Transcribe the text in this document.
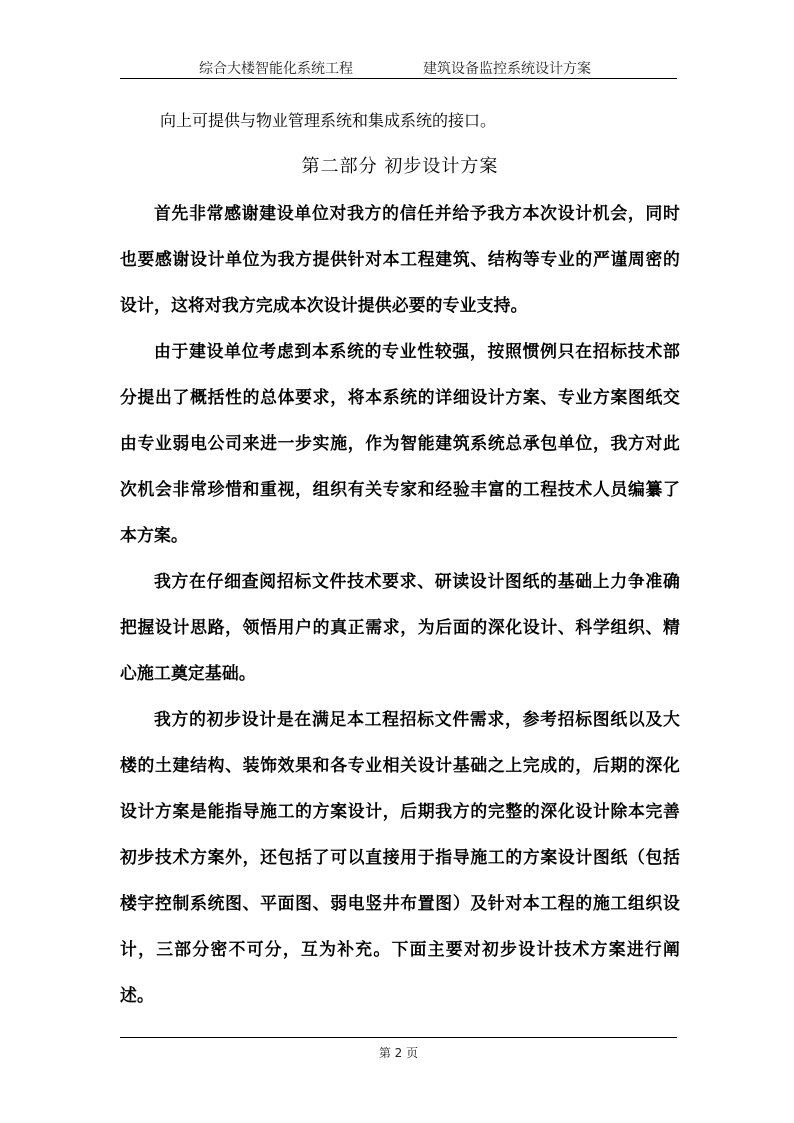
综合大楼智能化系统工程	建筑设备监控系统设计方案

向上可提供与物业管理系统和集成系统的接口。

第二部分 初步设计方案

首先非常感谢建设单位对我方的信任并给予我方本次设计机会，同时也要感谢设计单位为我方提供针对本工程建筑、结构等专业的严谨周密的设计，这将对我方完成本次设计提供必要的专业支持。

由于建设单位考虑到本系统的专业性较强，按照惯例只在招标技术部分提出了概括性的总体要求，将本系统的详细设计方案、专业方案图纸交由专业弱电公司来进一步实施，作为智能建筑系统总承包单位，我方对此次机会非常珍惜和重视，组织有关专家和经验丰富的工程技术人员编纂了本方案。

我方在仔细查阅招标文件技术要求、研读设计图纸的基础上力争准确把握设计思路，领悟用户的真正需求，为后面的深化设计、科学组织、精心施工奠定基础。

我方的初步设计是在满足本工程招标文件需求，参考招标图纸以及大楼的土建结构、装饰效果和各专业相关设计基础之上完成的，后期的深化设计方案是能指导施工的方案设计，后期我方的完整的深化设计除本完善初步技术方案外，还包括了可以直接用于指导施工的方案设计图纸（包括楼宇控制系统图、平面图、弱电竖井布置图）及针对本工程的施工组织设计，三部分密不可分，互为补充。下面主要对初步设计技术方案进行阐述。

第 2 页
